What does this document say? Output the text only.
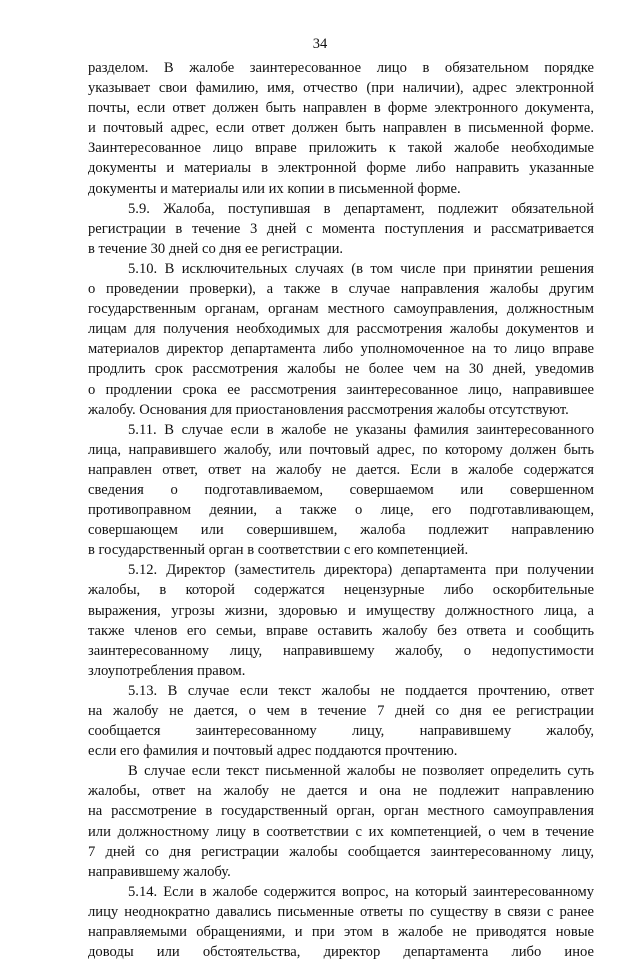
34
разделом. В жалобе заинтересованное лицо в обязательном порядке
указывает свои фамилию, имя, отчество (при наличии), адрес электронной
почты, если ответ должен быть направлен в форме электронного документа,
и почтовый адрес, если ответ должен быть направлен в письменной форме.
Заинтересованное лицо вправе приложить к такой жалобе необходимые
документы и материалы в электронной форме либо направить указанные
документы и материалы или их копии в письменной форме.
5.9. Жалоба, поступившая в департамент, подлежит обязательной
регистрации в течение 3 дней с момента поступления и рассматривается
в течение 30 дней со дня ее регистрации.
5.10. В исключительных случаях (в том числе при принятии решения
о проведении проверки), а также в случае направления жалобы другим
государственным органам, органам местного самоуправления, должностным
лицам для получения необходимых для рассмотрения жалобы документов и
материалов директор департамента либо уполномоченное на то лицо вправе
продлить срок рассмотрения жалобы не более чем на 30 дней, уведомив
о продлении срока ее рассмотрения заинтересованное лицо, направившее
жалобу. Основания для приостановления рассмотрения жалобы отсутствуют.
5.11. В случае если в жалобе не указаны фамилия заинтересованного
лица, направившего жалобу, или почтовый адрес, по которому должен быть
направлен ответ, ответ на жалобу не дается. Если в жалобе содержатся
сведения о подготавливаемом, совершаемом или совершенном
противоправном деянии, а также о лице, его подготавливающем,
совершающем или совершившем, жалоба подлежит направлению
в государственный орган в соответствии с его компетенцией.
5.12. Директор (заместитель директора) департамента при получении
жалобы, в которой содержатся нецензурные либо оскорбительные
выражения, угрозы жизни, здоровью и имуществу должностного лица, а
также членов его семьи, вправе оставить жалобу без ответа и сообщить
заинтересованному лицу, направившему жалобу, о недопустимости
злоупотребления правом.
5.13. В случае если текст жалобы не поддается прочтению, ответ
на жалобу не дается, о чем в течение 7 дней со дня ее регистрации
сообщается заинтересованному лицу, направившему жалобу,
если его фамилия и почтовый адрес поддаются прочтению.
В случае если текст письменной жалобы не позволяет определить суть
жалобы, ответ на жалобу не дается и она не подлежит направлению
на рассмотрение в государственный орган, орган местного самоуправления
или должностному лицу в соответствии с их компетенцией, о чем в течение
7 дней со дня регистрации жалобы сообщается заинтересованному лицу,
направившему жалобу.
5.14. Если в жалобе содержится вопрос, на который заинтересованному
лицу неоднократно давались письменные ответы по существу в связи с ранее
направляемыми обращениями, и при этом в жалобе не приводятся новые
доводы или обстоятельства, директор департамента либо иное
